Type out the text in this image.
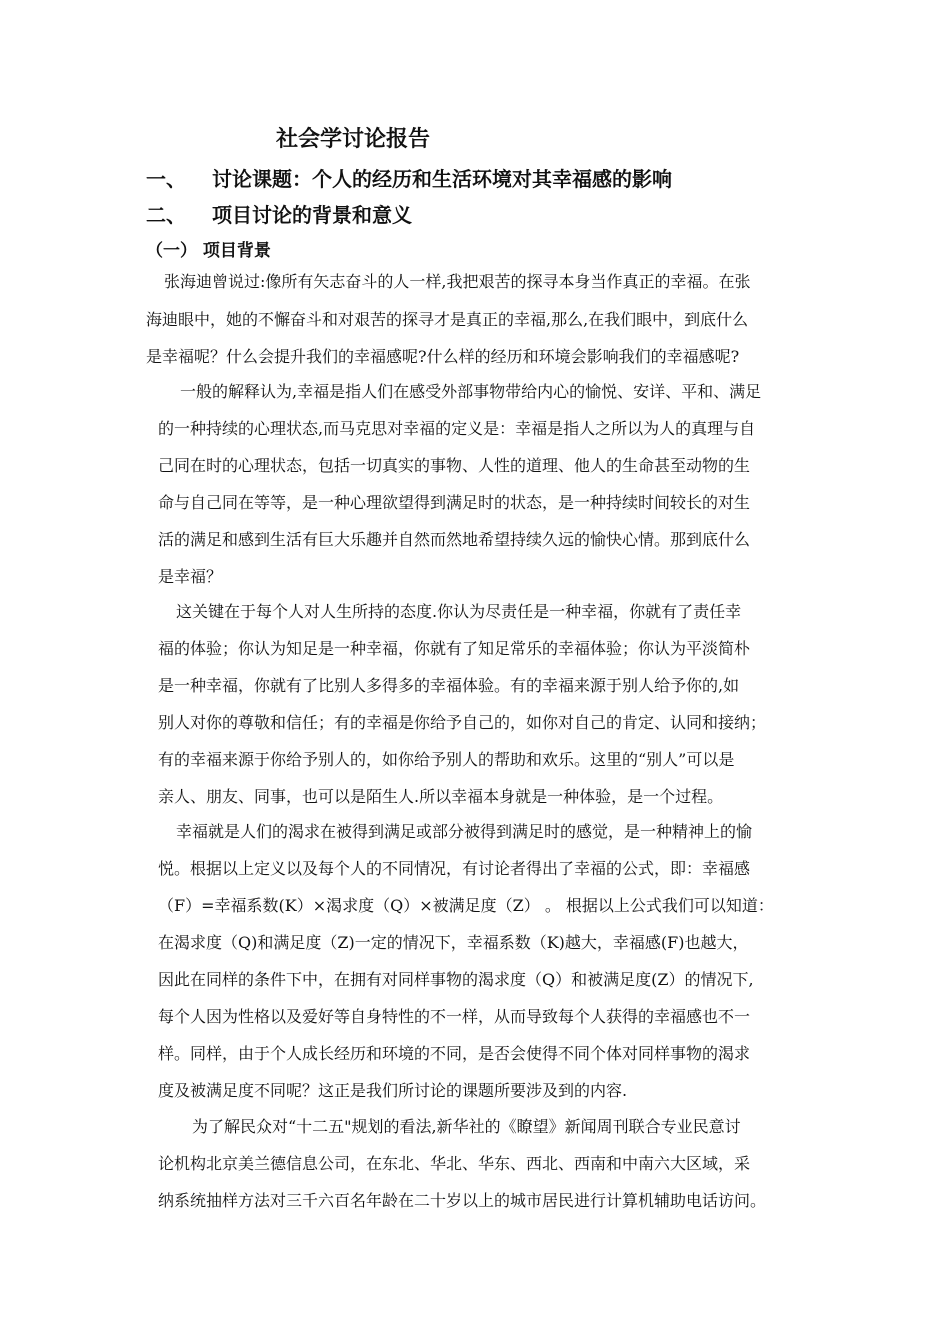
社会学讨论报告
一、 讨论课题：个人的经历和生活环境对其幸福感的影响
二、 项目讨论的背景和意义
（一） 项目背景
张海迪曾说过:像所有矢志奋斗的人一样,我把艰苦的探寻本身当作真正的幸福。在张
海迪眼中，她的不懈奋斗和对艰苦的探寻才是真正的幸福,那么,在我们眼中，到底什么
是幸福呢？什么会提升我们的幸福感呢?什么样的经历和环境会影响我们的幸福感呢?
一般的解释认为,幸福是指人们在感受外部事物带给内心的愉悦、安详、平和、满足
的一种持续的心理状态,而马克思对幸福的定义是：幸福是指人之所以为人的真理与自
己同在时的心理状态，包括一切真实的事物、人性的道理、他人的生命甚至动物的生
命与自己同在等等，是一种心理欲望得到满足时的状态，是一种持续时间较长的对生
活的满足和感到生活有巨大乐趣并自然而然地希望持续久远的愉快心情。那到底什么
是幸福？
这关键在于每个人对人生所持的态度.你认为尽责任是一种幸福，你就有了责任幸
福的体验；你认为知足是一种幸福，你就有了知足常乐的幸福体验；你认为平淡简朴
是一种幸福，你就有了比别人多得多的幸福体验。有的幸福来源于别人给予你的,如
别人对你的尊敬和信任；有的幸福是你给予自己的，如你对自己的肯定、认同和接纳；
有的幸福来源于你给予别人的，如你给予别人的帮助和欢乐。这里的“别人”可以是
亲人、朋友、同事，也可以是陌生人.所以幸福本身就是一种体验，是一个过程。
幸福就是人们的渴求在被得到满足或部分被得到满足时的感觉，是一种精神上的愉
悦。根据以上定义以及每个人的不同情况，有讨论者得出了幸福的公式，即：幸福感
（F）=幸福系数(K）×渴求度（Q）×被满足度（Z） 。 根据以上公式我们可以知道：
在渴求度（Q)和满足度（Z)一定的情况下，幸福系数（K)越大，幸福感(F)也越大，
因此在同样的条件下中，在拥有对同样事物的渴求度（Q）和被满足度(Z）的情况下,
每个人因为性格以及爱好等自身特性的不一样，从而导致每个人获得的幸福感也不一
样。同样，由于个人成长经历和环境的不同，是否会使得不同个体对同样事物的渴求
度及被满足度不同呢？这正是我们所讨论的课题所要涉及到的内容.
为了解民众对“十二五"规划的看法,新华社的《瞭望》新闻周刊联合专业民意讨
论机构北京美兰德信息公司，在东北、华北、华东、西北、西南和中南六大区域，采
纳系统抽样方法对三千六百名年龄在二十岁以上的城市居民进行计算机辅助电话访问。
